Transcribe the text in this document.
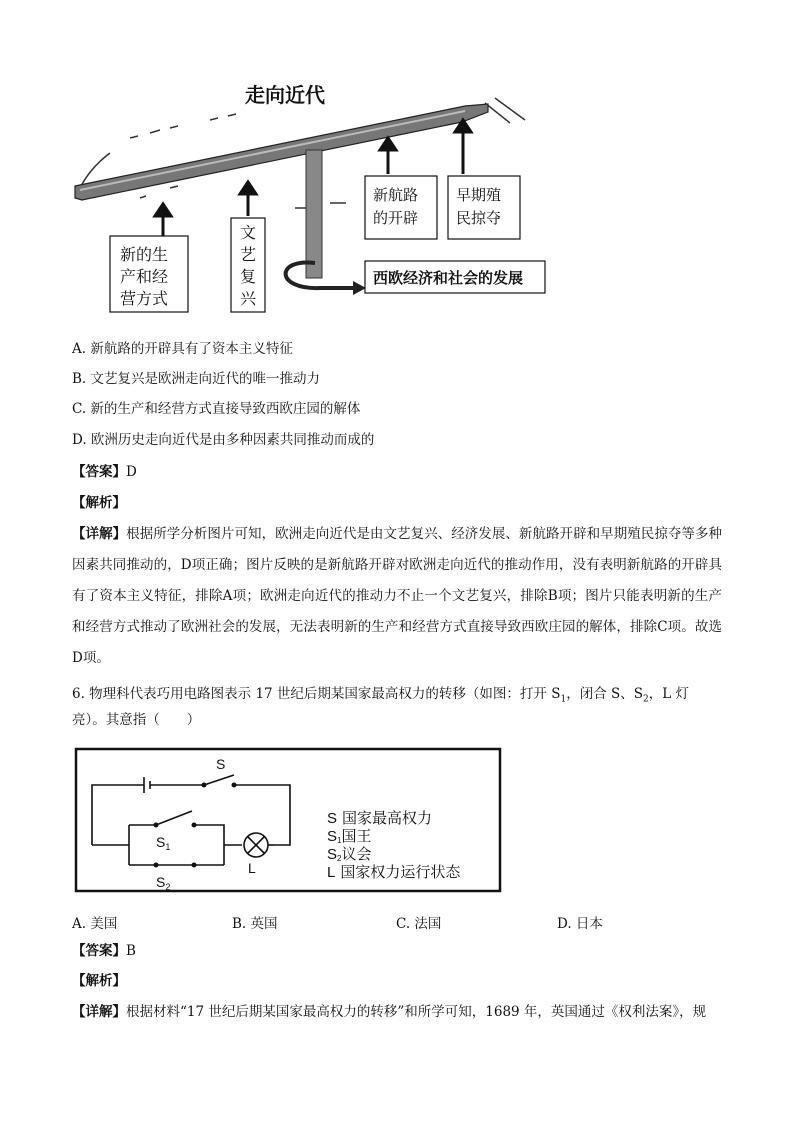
走向近代
新的生
产和经
营方式
文
艺
复
兴
新航路
的开辟
早期殖
民掠夺
西欧经济和社会的发展
A. 新航路的开辟具有了资本主义特征
B. 文艺复兴是欧洲走向近代的唯一推动力
C. 新的生产和经营方式直接导致西欧庄园的解体
D. 欧洲历史走向近代是由多种因素共同推动而成的
【答案】D
【解析】
【详解】根据所学分析图片可知，欧洲走向近代是由文艺复兴、经济发展、新航路开辟和早期殖民掠夺等多种因素共同推动的，D项正确；图片反映的是新航路开辟对欧洲走向近代的推动作用，没有表明新航路的开辟具有了资本主义特征，排除A项；欧洲走向近代的推动力不止一个文艺复兴，排除B项；图片只能表明新的生产和经营方式推动了欧洲社会的发展，无法表明新的生产和经营方式直接导致西欧庄园的解体，排除C项。故选D项。
6. 物理科代表巧用电路图表示 17 世纪后期某国家最高权力的转移（如图：打开 $S_1$，闭合 S、$S_2$，L 灯
亮）。其意指（　　）
S
$S_1$
$S_2$
L
S 国家最高权力
S1国王
S2议会
L 国家权力运行状态
A. 美国	B. 英国	C. 法国	D. 日本
【答案】B
【解析】
【详解】根据材料“17 世纪后期某国家最高权力的转移”和所学可知，1689 年，英国通过《权利法案》，规
